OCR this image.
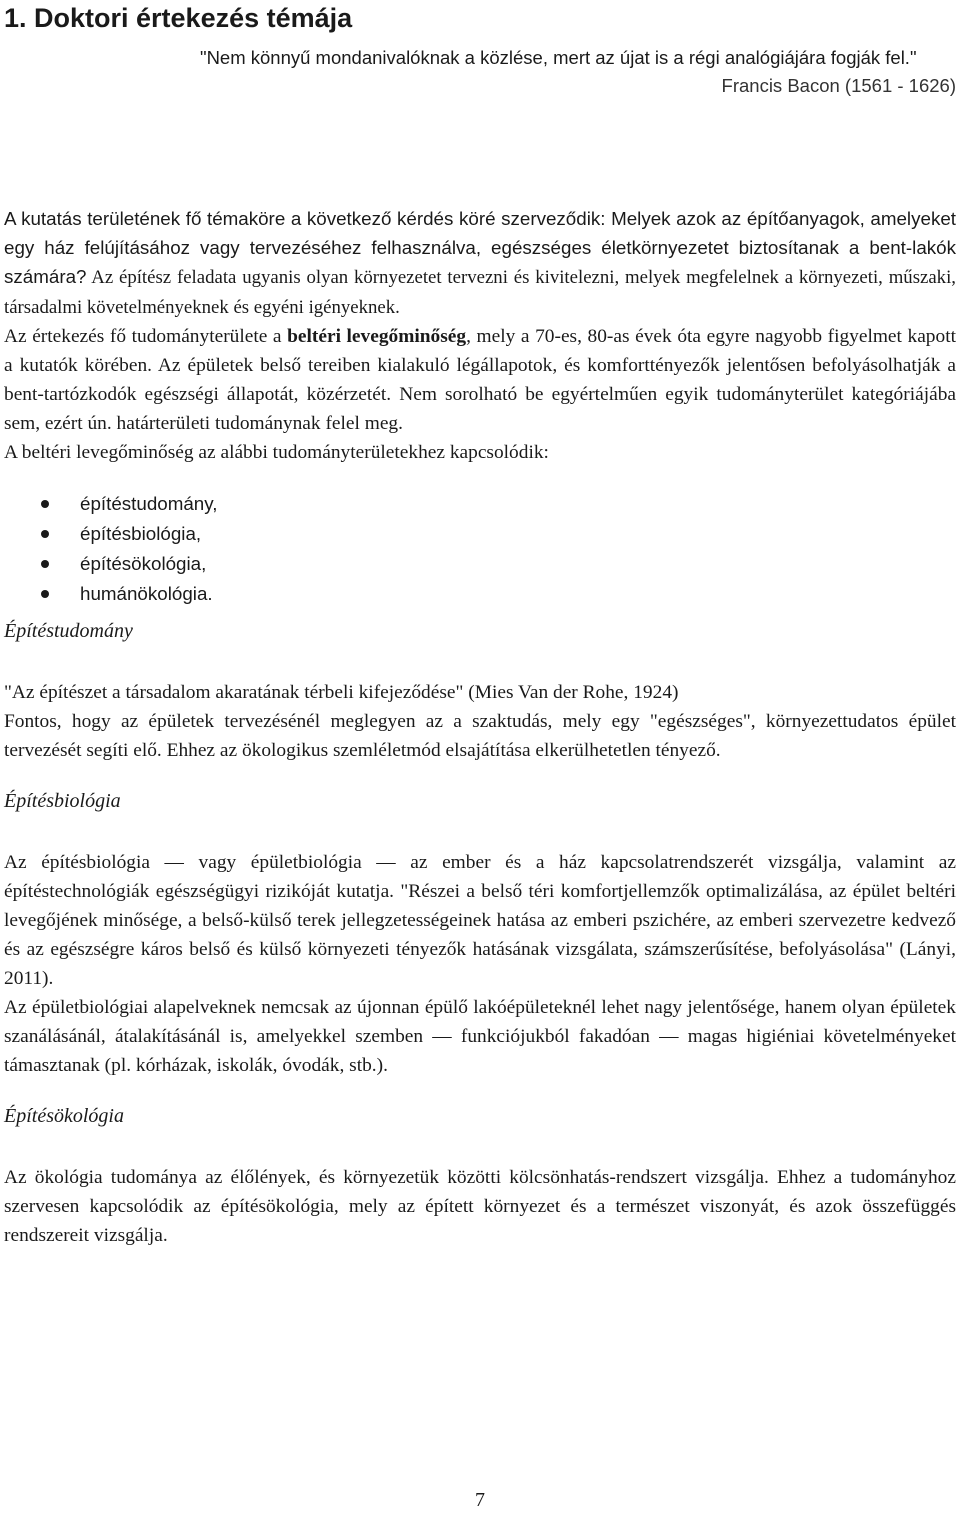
1. Doktori értekezés témája
"Nem könnyű mondanivalóknak a közlése, mert az újat is a régi analógiájára fogják fel."
Francis Bacon (1561 - 1626)

A kutatás területének fő témaköre a következő kérdés köré szerveződik: Melyek azok az építőanyagok, amelyeket egy ház felújításához vagy tervezéséhez felhasználva, egészséges életkörnyezetet biztosítanak a bent-lakók számára? Az építész feladata ugyanis olyan környezetet tervezni és kivitelezni, melyek megfelelnek a környezeti, műszaki, társadalmi követelményeknek és egyéni igényeknek.

Az értekezés fő tudományterülete a beltéri levegőminőség, mely a 70-es, 80-as évek óta egyre nagyobb figyelmet kapott a kutatók körében. Az épületek belső tereiben kialakuló légállapotok, és komforttényezők jelentősen befolyásolhatják a bent-tartózkodók egészségi állapotát, közérzetét. Nem sorolható be egyértelműen egyik tudományterület kategóriájába sem, ezért ún. határterületi tudománynak felel meg.

A beltéri levegőminőség az alábbi tudományterületekhez kapcsolódik:

építéstudomány,
építésbiológia,
építésökológia,
humánökológia.
Építéstudomány

"Az építészet a társadalom akaratának térbeli kifejeződése" (Mies Van der Rohe, 1924)

Fontos, hogy az épületek tervezésénél meglegyen az a szaktudás, mely egy "egészséges", környezettudatos épület tervezését segíti elő. Ehhez az ökologikus szemléletmód elsajátítása elkerülhetetlen tényező.

Építésbiológia

Az építésbiológia — vagy épületbiológia — az ember és a ház kapcsolatrendszerét vizsgálja, valamint az építéstechnológiák egészségügyi rizikóját kutatja. "Részei a belső téri komfortjellemzők optimalizálása, az épület beltéri levegőjének minősége, a belső-külső terek jellegzetességeinek hatása az emberi pszichére, az emberi szervezetre kedvező és az egészségre káros belső és külső környezeti tényezők hatásának vizsgálata, számszerűsítése, befolyásolása" (Lányi, 2011).

Az épületbiológiai alapelveknek nemcsak az újonnan épülő lakóépületeknél lehet nagy jelentősége, hanem olyan épületek szanálásánál, átalakításánál is, amelyekkel szemben — funkciójukból fakadóan — magas higiéniai követelményeket támasztanak (pl. kórházak, iskolák, óvodák, stb.).

Építésökológia

Az ökológia tudománya az élőlények, és környezetük közötti kölcsönhatás-rendszert vizsgálja. Ehhez a tudományhoz szervesen kapcsolódik az építésökológia, mely az épített környezet és a természet viszonyát, és azok összefüggés rendszereit vizsgálja.

7
